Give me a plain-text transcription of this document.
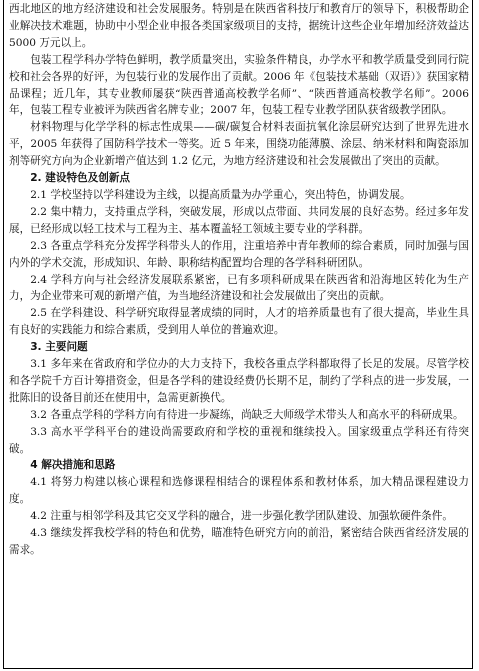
西北地区的地方经济建设和社会发展服务。特别是在陕西省科技厅和教育厅的领导下，积极帮助企业解决技术难题，协助中小型企业申报各类国家级项目的支持，据统计这些企业年增加经济效益达 5000 万元以上。

包装工程学科办学特色鲜明，教学质量突出，实验条件精良，办学水平和教学质量受到同行院校和社会各界的好评，为包装行业的发展作出了贡献。2006 年《包装技术基础（双语）》获国家精品课程；近几年，其专业教师屡获“陕西普通高校教学名师”、“陕西普通高校教学名师”。2006 年，包装工程专业被评为陕西省名牌专业；2007 年，包装工程专业教学团队获省级教学团队。

材料物理与化学学科的标志性成果——碳/碳复合材料表面抗氧化涂层研究达到了世界先进水平，2005 年获得了国防科学技术一等奖。近 5 年来，围绕功能薄膜、涂层、纳米材料和陶瓷添加剂等研究方向为企业新增产值达到 1.2 亿元，为地方经济建设和社会发展做出了突出的贡献。

2. 建设特色及创新点

2.1 学校坚持以学科建设为主线，以提高质量为办学重心，突出特色，协调发展。

2.2 集中精力，支持重点学科，突破发展，形成以点带面、共同发展的良好态势。经过多年发展，已经形成以轻工技术与工程为主、基本覆盖轻工领域主要专业的学科群。

2.3 各重点学科充分发挥学科带头人的作用，注重培养中青年教师的综合素质，同时加强与国内外的学术交流，形成知识、年龄、职称结构配置均合理的各学科科研团队。

2.4 学科方向与社会经济发展联系紧密，已有多项科研成果在陕西省和沿海地区转化为生产力，为企业带来可观的新增产值，为当地经济建设和社会发展做出了突出的贡献。

2.5 在学科建设、科学研究取得显著成绩的同时，人才的培养质量也有了很大提高，毕业生具有良好的实践能力和综合素质，受到用人单位的普遍欢迎。

3. 主要问题

3.1 多年来在省政府和学位办的大力支持下，我校各重点学科都取得了长足的发展。尽管学校和各学院千方百计筹措资金，但是各学科的建设经费仍长期不足，制约了学科点的进一步发展，一批陈旧的设备目前还在使用中，急需更新换代。

3.2 各重点学科的学科方向有待进一步凝练，尚缺乏大师级学术带头人和高水平的科研成果。

3.3 高水平学科平台的建设尚需要政府和学校的重视和继续投入。国家级重点学科还有待突破。

4 解决措施和思路

4.1 将努力构建以核心课程和选修课程相结合的课程体系和教材体系，加大精品课程建设力度。

4.2 注重与相邻学科及其它交叉学科的融合，进一步强化教学团队建设、加强软硬件条件。

4.3 继续发挥我校学科的特色和优势，瞄准特色研究方向的前沿，紧密结合陕西省经济发展的需求。
